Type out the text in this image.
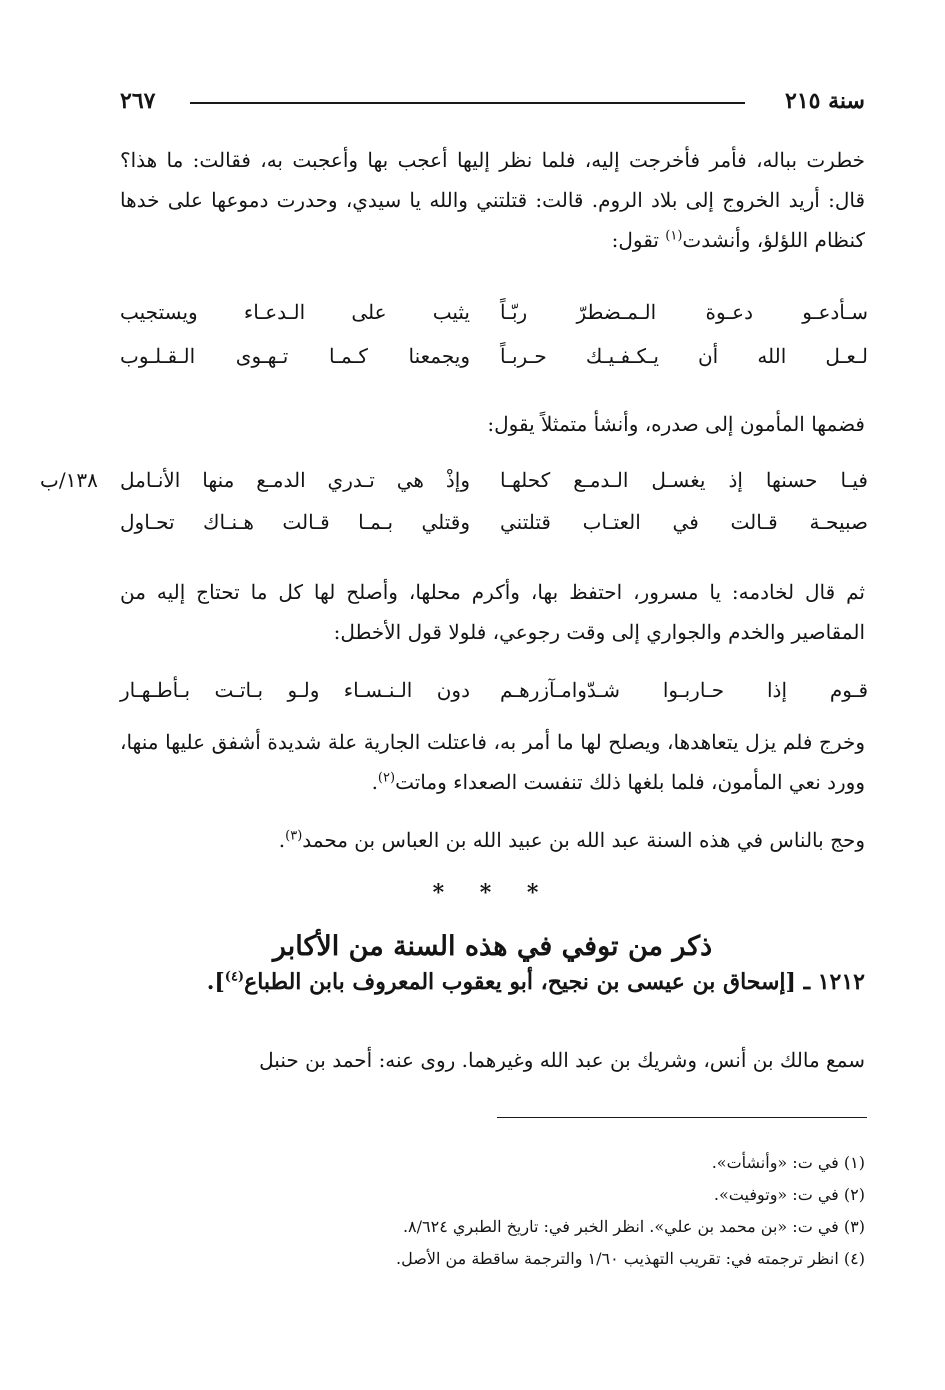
سنة ٢١٥
٢٦٧
خطرت بباله، فأمر فأخرجت إليه، فلما نظر إليها أعجب بها وأعجبت به، فقالت: ما هذا؟ قال: أريد الخروج إلى بلاد الروم. قالت: قتلتني والله يا سيدي، وحدرت دموعها على خدها كنظام اللؤلؤ، وأنشدت$^{(١)}$ تقول:
سـأدعـو دعـوة الـمـضطرّ ربّـاً
يثيب على الـدعـاء ويستجيب
لـعـل الله أن يـكـفـيـك حـربـاً
ويجمعنا كـمـا تـهـوى الـقـلـوب
فضمها المأمون إلى صدره، وأنشأ متمثلاً يقول:
فيـا حسنها إذ يغسـل الـدمـع كحلهـا
وإذْ هي تـدري الدمـع منها الأنـامل
١٣٨/ب
صبيحـة قـالت في العتـاب قتلتني
وقتلي بـمـا قـالت هـنـاك تحـاول
ثم قال لخادمه: يا مسرور، احتفظ بها، وأكرم محلها، وأصلح لها كل ما تحتاج إليه من المقاصير والخدم والجواري إلى وقت رجوعي، فلولا قول الأخطل:
قـوم إذا حـاربـوا شـدّوامـآزرهـم
دون الـنـسـاء ولـو بـاتـت بـأطـهـار
وخرج فلم يزل يتعاهدها، ويصلح لها ما أمر به، فاعتلت الجارية علة شديدة أشفق عليها منها، وورد نعي المأمون، فلما بلغها ذلك تنفست الصعداء وماتت$^{(٢)}$.
وحج بالناس في هذه السنة عبد الله بن عبيد الله بن العباس بن محمد$^{(٣)}$.
* * *
ذكر من توفي في هذه السنة من الأكابر
١٢١٢ ـ [إسحاق بن عيسى بن نجيح، أبو يعقوب المعروف بابن الطباع$^{(٤)}$].
سمع مالك بن أنس، وشريك بن عبد الله وغيرهما. روى عنه: أحمد بن حنبل
(١) في ت: «وأنشأت».
(٢) في ت: «وتوفيت».
(٣) في ت: «بن محمد بن علي». انظر الخبر في: تاريخ الطبري ٨/٦٢٤.
(٤) انظر ترجمته في: تقريب التهذيب ١/٦٠ والترجمة ساقطة من الأصل.
